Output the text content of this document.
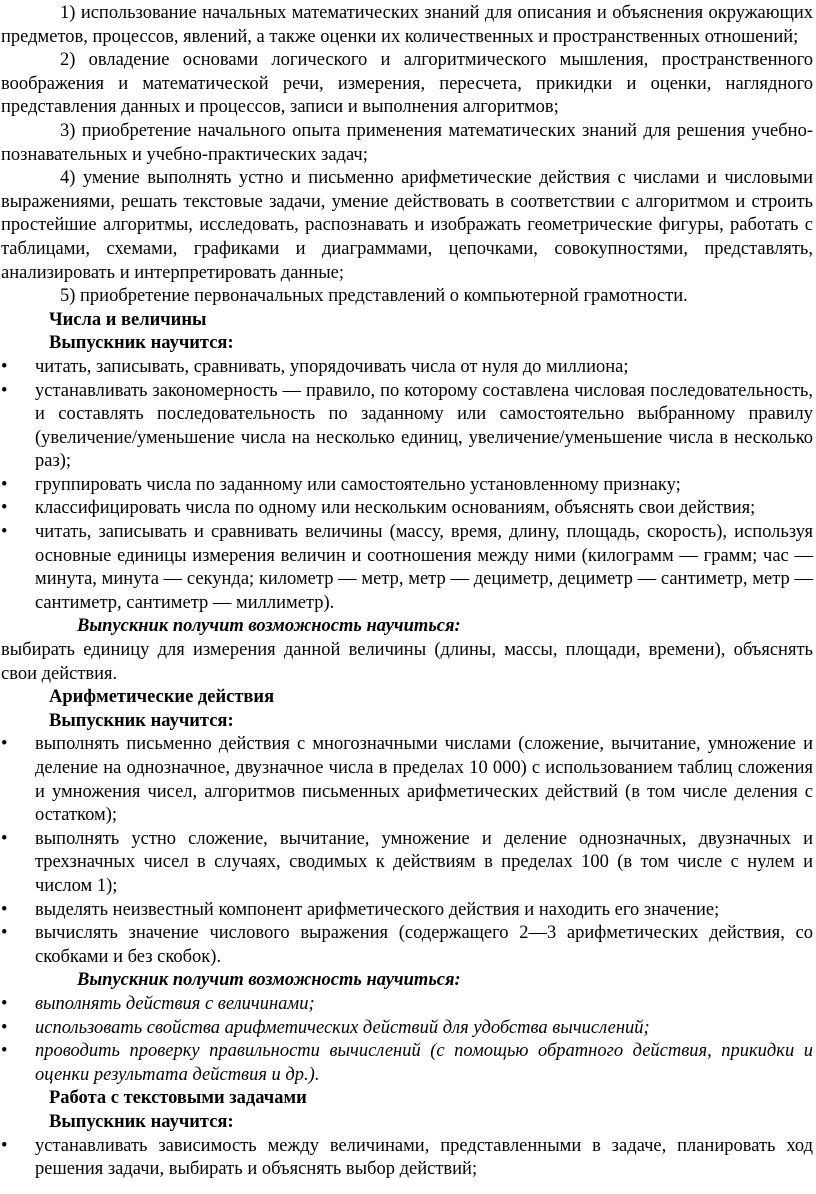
1) использование начальных математических знаний для описания и объяснения окружающих предметов, процессов, явлений, а также оценки их количественных и пространственных отношений;

2) овладение основами логического и алгоритмического мышления, пространственного воображения и математической речи, измерения, пересчета, прикидки и оценки, наглядного представления данных и процессов, записи и выполнения алгоритмов;

3) приобретение начального опыта применения математических знаний для решения учебно-познавательных и учебно-практических задач;

4) умение выполнять устно и письменно арифметические действия с числами и числовыми выражениями, решать текстовые задачи, умение действовать в соответствии с алгоритмом и строить простейшие алгоритмы, исследовать, распознавать и изображать геометрические фигуры, работать с таблицами, схемами, графиками и диаграммами, цепочками, совокупностями, представлять, анализировать и интерпретировать данные;

5) приобретение первоначальных представлений о компьютерной грамотности.

Числа и величины

Выпускник научится:

• читать, записывать, сравнивать, упорядочивать числа от нуля до миллиона;
• устанавливать закономерность — правило, по которому составлена числовая последовательность, и составлять последовательность по заданному или самостоятельно выбранному правилу (увеличение/уменьшение числа на несколько единиц, увеличение/уменьшение числа в несколько раз);
• группировать числа по заданному или самостоятельно установленному признаку;
• классифицировать числа по одному или нескольким основаниям, объяснять свои действия;
• читать, записывать и сравнивать величины (массу, время, длину, площадь, скорость), используя основные единицы измерения величин и соотношения между ними (килограмм — грамм; час — минута, минута — секунда; километр — метр, метр — дециметр, дециметр — сантиметр, метр — сантиметр, сантиметр — миллиметр).

Выпускник получит возможность научиться:

выбирать единицу для измерения данной величины (длины, массы, площади, времени), объяснять свои действия.

Арифметические действия

Выпускник научится:

• выполнять письменно действия с многозначными числами (сложение, вычитание, умножение и деление на однозначное, двузначное числа в пределах 10 000) с использованием таблиц сложения и умножения чисел, алгоритмов письменных арифметических действий (в том числе деления с остатком);
• выполнять устно сложение, вычитание, умножение и деление однозначных, двузначных и трехзначных чисел в случаях, сводимых к действиям в пределах 100 (в том числе с нулем и числом 1);
• выделять неизвестный компонент арифметического действия и находить его значение;
• вычислять значение числового выражения (содержащего 2—3 арифметических действия, со скобками и без скобок).

Выпускник получит возможность научиться:

• выполнять действия с величинами;
• использовать свойства арифметических действий для удобства вычислений;
• проводить проверку правильности вычислений (с помощью обратного действия, прикидки и оценки результата действия и др.).

Работа с текстовыми задачами

Выпускник научится:

• устанавливать зависимость между величинами, представленными в задаче, планировать ход решения задачи, выбирать и объяснять выбор действий;
